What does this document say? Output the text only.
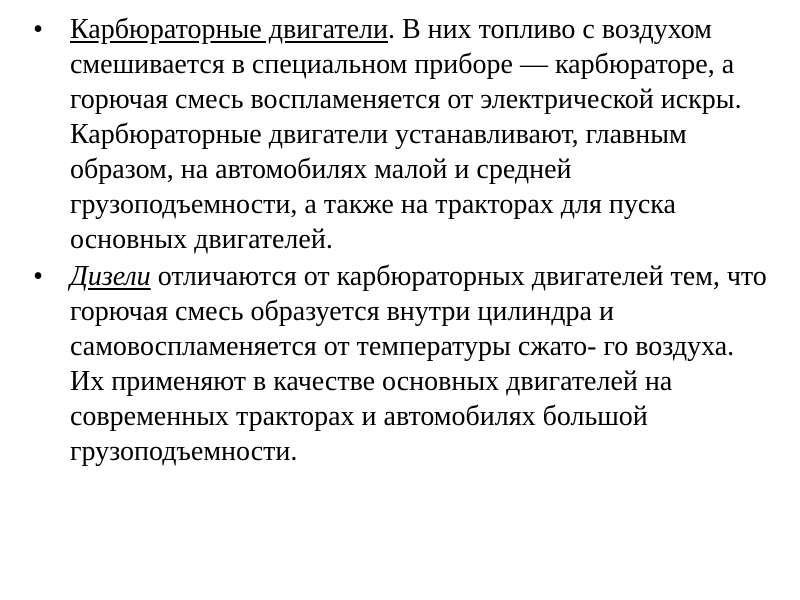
• Карбюраторные двигатели. В них топливо с воздухом смешивается в специальном приборе — карбюраторе, а горючая смесь воспламеняется от электрической искры. Карбюраторные двигатели устанавливают, главным образом, на автомобилях малой и средней грузоподъемности, а также на тракторах для пуска основных двигателей.
• Дизели отличаются от карбюраторных двигателей тем, что горючая смесь образуется внутри цилиндра и самовоспламеняется от температуры сжато- го воздуха. Их применяют в качестве основных двигателей на современных тракторах и автомобилях большой грузоподъемности.
